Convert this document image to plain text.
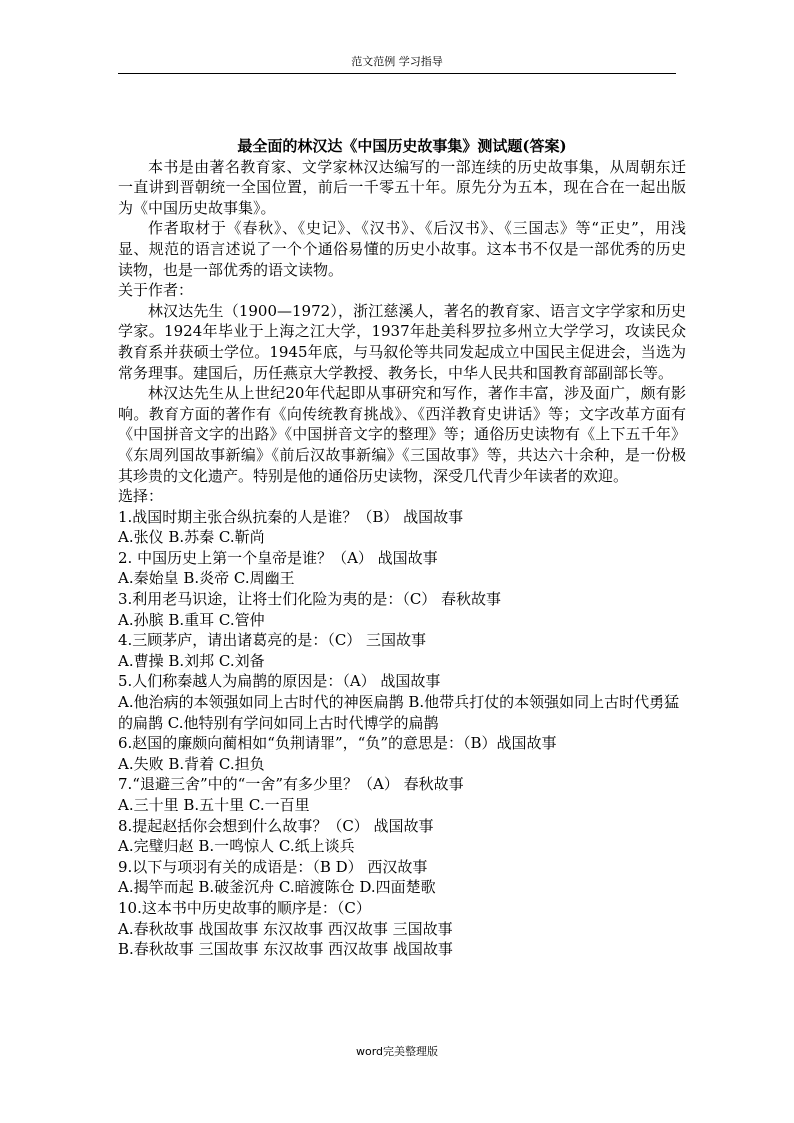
范文范例 学习指导
最全面的林汉达《中国历史故事集》测试题(答案)

本书是由著名教育家、文学家林汉达编写的一部连续的历史故事集，从周朝东迁一直讲到晋朝统一全国位置，前后一千零五十年。原先分为五本，现在合在一起出版为《中国历史故事集》。

作者取材于《春秋》、《史记》、《汉书》、《后汉书》、《三国志》等“正史”，用浅显、规范的语言述说了一个个通俗易懂的历史小故事。这本书不仅是一部优秀的历史读物，也是一部优秀的语文读物。

关于作者：

林汉达先生（1900—1972），浙江慈溪人，著名的教育家、语言文字学家和历史学家。1924年毕业于上海之江大学，1937年赴美科罗拉多州立大学学习，攻读民众教育系并获硕士学位。1945年底，与马叙伦等共同发起成立中国民主促进会，当选为常务理事。建国后，历任燕京大学教授、教务长，中华人民共和国教育部副部长等。

林汉达先生从上世纪20年代起即从事研究和写作，著作丰富，涉及面广，颇有影响。教育方面的著作有《向传统教育挑战》、《西洋教育史讲话》等；文字改革方面有《中国拼音文字的出路》《中国拼音文字的整理》等；通俗历史读物有《上下五千年》《东周列国故事新编》《前后汉故事新编》《三国故事》等，共达六十余种，是一份极其珍贵的文化遗产。特别是他的通俗历史读物，深受几代青少年读者的欢迎。

选择：

1.战国时期主张合纵抗秦的人是谁？（B） 战国故事

A.张仪 B.苏秦 C.靳尚

2. 中国历史上第一个皇帝是谁？（A） 战国故事

A.秦始皇 B.炎帝 C.周幽王

3.利用老马识途，让将士们化险为夷的是：（C） 春秋故事

A.孙膑 B.重耳 C.管仲

4.三顾茅庐，请出诸葛亮的是：（C） 三国故事

A.曹操 B.刘邦 C.刘备

5.人们称秦越人为扁鹊的原因是：（A） 战国故事

A.他治病的本领强如同上古时代的神医扁鹊 B.他带兵打仗的本领强如同上古时代勇猛的扁鹊 C.他特别有学问如同上古时代博学的扁鹊

6.赵国的廉颇向蔺相如“负荆请罪”，“负”的意思是：（B）战国故事

A.失败 B.背着 C.担负

7.“退避三舍”中的“一舍”有多少里？（A） 春秋故事

A.三十里 B.五十里 C.一百里

8.提起赵括你会想到什么故事？（C） 战国故事

A.完璧归赵 B.一鸣惊人 C.纸上谈兵

9.以下与项羽有关的成语是：（B D） 西汉故事

A.揭竿而起 B.破釜沉舟 C.暗渡陈仓 D.四面楚歌

10.这本书中历史故事的顺序是：（C）

A.春秋故事 战国故事 东汉故事 西汉故事 三国故事

B.春秋故事 三国故事 东汉故事 西汉故事 战国故事

word完美整理版
